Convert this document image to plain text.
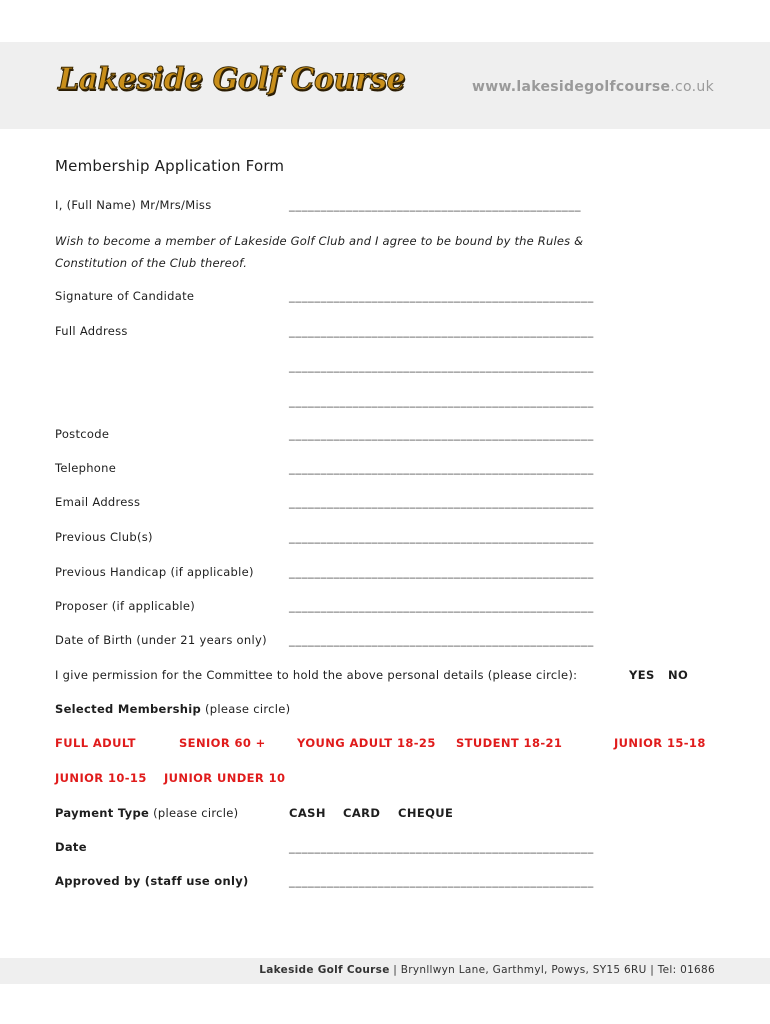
Lakeside Golf Course	www.lakesidegolfcourse.co.uk
Membership Application Form
I, (Full Name) Mr/Mrs/Miss	______________________________________________
Wish to become a member of Lakeside Golf Club and I agree to be bound by the Rules &
Constitution of the Club thereof.
Signature of Candidate	________________________________________________
Full Address	________________________________________________
________________________________________________
________________________________________________
Postcode	________________________________________________
Telephone	________________________________________________
Email Address	________________________________________________
Previous Club(s)	________________________________________________
Previous Handicap (if applicable)	________________________________________________
Proposer (if applicable)	________________________________________________
Date of Birth (under 21 years only) ________________________________________________
I give permission for the Committee to hold the above personal details (please circle):	YES NO
Selected Membership (please circle)
FULL ADULT	SENIOR 60 +	YOUNG ADULT 18-25 STUDENT 18-21	JUNIOR 15-18
JUNIOR 10-15 JUNIOR UNDER 10
Payment Type (please circle)	CASH CARD CHEQUE
Date	________________________________________________
Approved by (staff use only)	________________________________________________
Lakeside Golf Course | Brynllwyn Lane, Garthmyl, Powys, SY15 6RU | Tel: 01686
